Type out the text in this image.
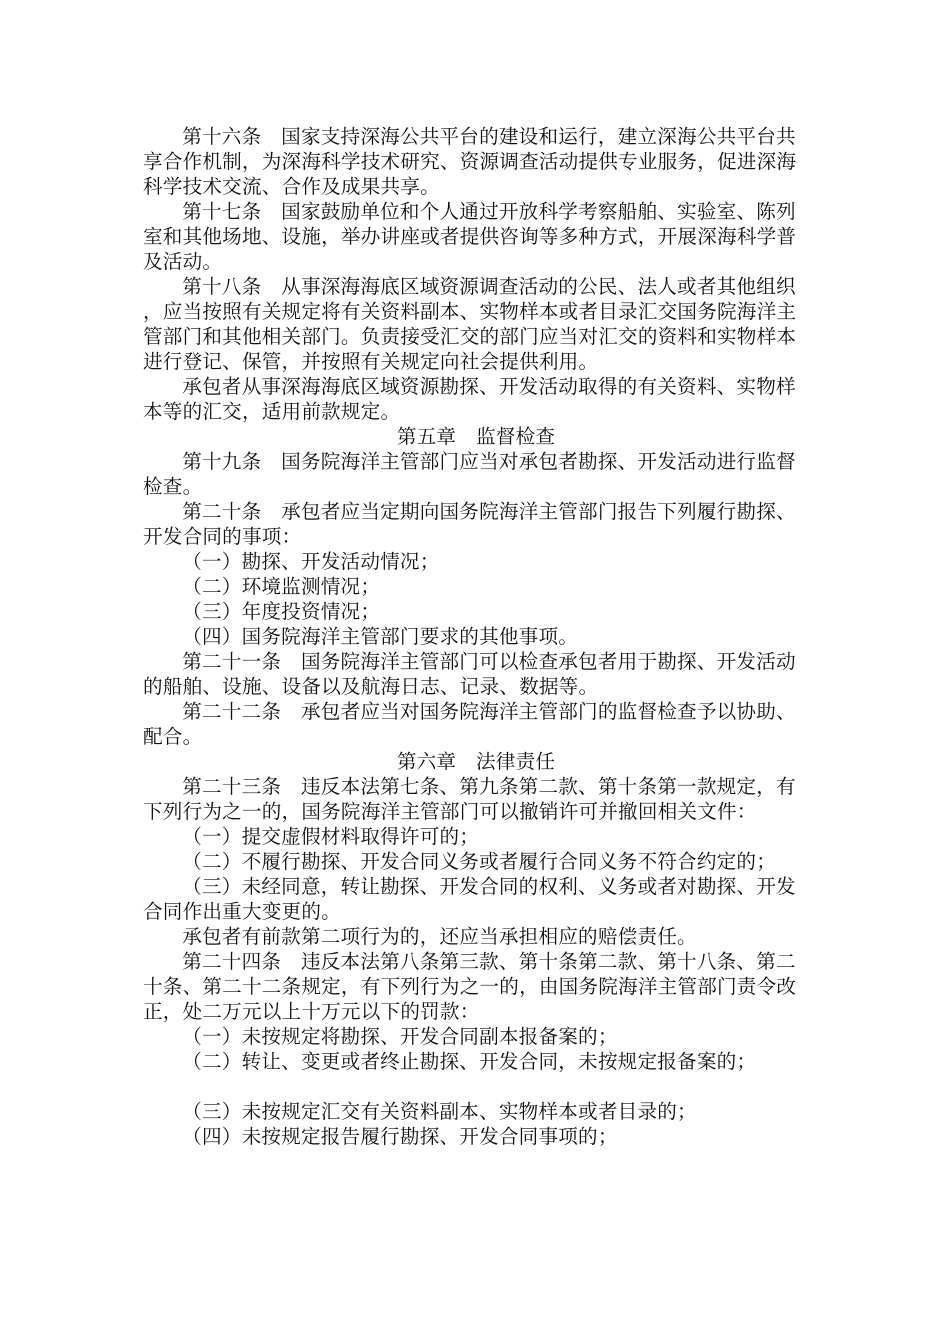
第十六条　国家支持深海公共平台的建设和运行，建立深海公共平台共享合作机制，为深海科学技术研究、资源调查活动提供专业服务，促进深海科学技术交流、合作及成果共享。

第十七条　国家鼓励单位和个人通过开放科学考察船舶、实验室、陈列室和其他场地、设施，举办讲座或者提供咨询等多种方式，开展深海科学普及活动。

第十八条　从事深海海底区域资源调查活动的公民、法人或者其他组织，应当按照有关规定将有关资料副本、实物样本或者目录汇交国务院海洋主管部门和其他相关部门。负责接受汇交的部门应当对汇交的资料和实物样本进行登记、保管，并按照有关规定向社会提供利用。

承包者从事深海海底区域资源勘探、开发活动取得的有关资料、实物样本等的汇交，适用前款规定。

第五章　监督检查

第十九条　国务院海洋主管部门应当对承包者勘探、开发活动进行监督检查。

第二十条　承包者应当定期向国务院海洋主管部门报告下列履行勘探、开发合同的事项：

（一）勘探、开发活动情况；

（二）环境监测情况；

（三）年度投资情况；

（四）国务院海洋主管部门要求的其他事项。

第二十一条　国务院海洋主管部门可以检查承包者用于勘探、开发活动的船舶、设施、设备以及航海日志、记录、数据等。

第二十二条　承包者应当对国务院海洋主管部门的监督检查予以协助、配合。

第六章　法律责任

第二十三条　违反本法第七条、第九条第二款、第十条第一款规定，有下列行为之一的，国务院海洋主管部门可以撤销许可并撤回相关文件：

（一）提交虚假材料取得许可的；

（二）不履行勘探、开发合同义务或者履行合同义务不符合约定的；

（三）未经同意，转让勘探、开发合同的权利、义务或者对勘探、开发合同作出重大变更的。

承包者有前款第二项行为的，还应当承担相应的赔偿责任。

第二十四条　违反本法第八条第三款、第十条第二款、第十八条、第二十条、第二十二条规定，有下列行为之一的，由国务院海洋主管部门责令改正，处二万元以上十万元以下的罚款：

（一）未按规定将勘探、开发合同副本报备案的；

（二）转让、变更或者终止勘探、开发合同，未按规定报备案的；

（三）未按规定汇交有关资料副本、实物样本或者目录的；

（四）未按规定报告履行勘探、开发合同事项的；
